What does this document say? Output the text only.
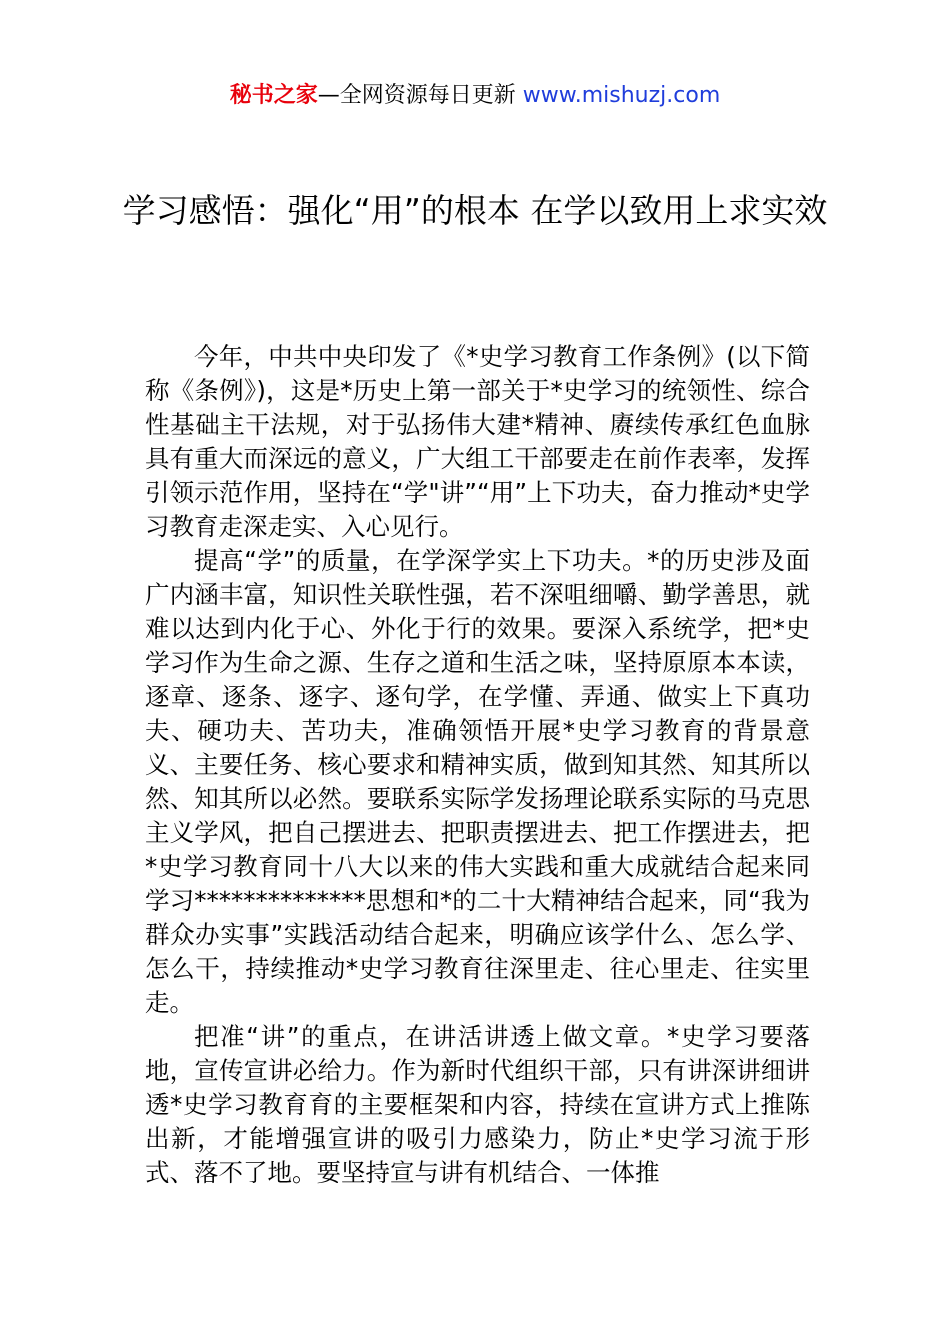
秘书之家—全网资源每日更新 www.mishuzj.com
学习感悟：强化“用”的根本 在学以致用上求实效

今年，中共中央印发了《*史学习教育工作条例》(以下简称《条例》)，这是*历史上第一部关于*史学习的统领性、综合性基础主干法规，对于弘扬伟大建*精神、赓续传承红色血脉具有重大而深远的意义，广大组工干部要走在前作表率，发挥引领示范作用，坚持在“学"讲”“用”上下功夫，奋力推动*史学习教育走深走实、入心见行。

提高“学”的质量，在学深学实上下功夫。*的历史涉及面广内涵丰富，知识性关联性强，若不深咀细嚼、勤学善思，就难以达到内化于心、外化于行的效果。要深入系统学，把*史学习作为生命之源、生存之道和生活之味，坚持原原本本读，逐章、逐条、逐字、逐句学，在学懂、弄通、做实上下真功夫、硬功夫、苦功夫，准确领悟开展*史学习教育的背景意义、主要任务、核心要求和精神实质，做到知其然、知其所以然、知其所以必然。要联系实际学发扬理论联系实际的马克思主义学风，把自己摆进去、把职责摆进去、把工作摆进去，把*史学习教育同十八大以来的伟大实践和重大成就结合起来同学习**************思想和*的二十大精神结合起来，同“我为群众办实事”实践活动结合起来，明确应该学什么、怎么学、怎么干，持续推动*史学习教育往深里走、往心里走、往实里走。

把准“讲”的重点，在讲活讲透上做文章。*史学习要落地，宣传宣讲必给力。作为新时代组织干部，只有讲深讲细讲透*史学习教育育的主要框架和内容，持续在宣讲方式上推陈出新，才能增强宣讲的吸引力感染力，防止*史学习流于形式、落不了地。要坚持宣与讲有机结合、一体推
